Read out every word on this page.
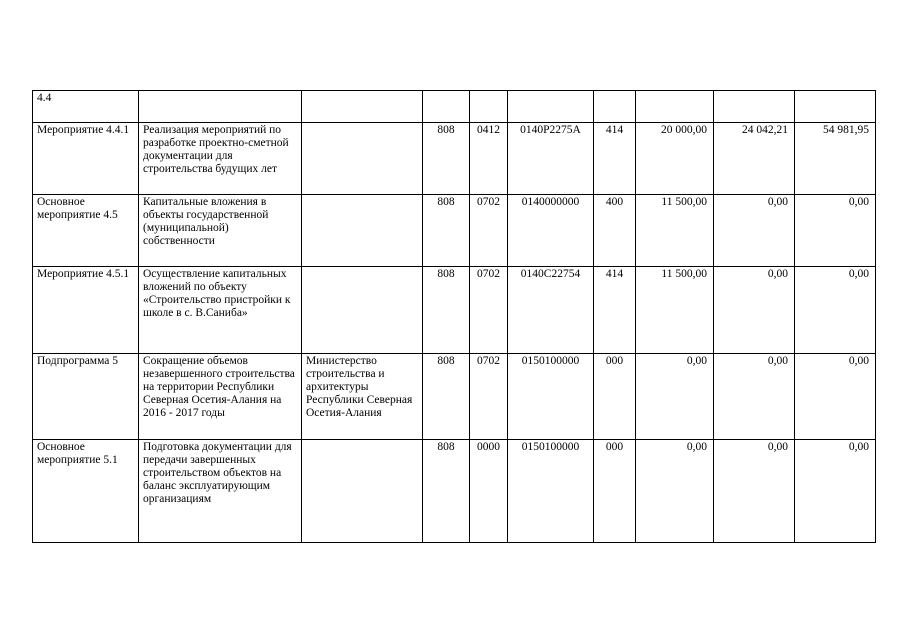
4.4									
Мероприятие 4.4.1	Реализация мероприятий по разработке проектно-сметной документации для строительства будущих лет		808	0412	0140Р2275А	414	20 000,00	24 042,21	54 981,95
Основное мероприятие 4.5	Капитальные вложения в объекты государственной (муниципальной) собственности		808	0702	0140000000	400	11 500,00	0,00	0,00
Мероприятие 4.5.1	Осуществление капитальных вложений по объекту «Строительство пристройки к школе в с. В.Саниба»		808	0702	0140С22754	414	11 500,00	0,00	0,00
Подпрограмма 5	Сокращение объемов незавершенного строительства на территории Республики Северная Осетия-Алания на 2016 - 2017 годы	Министерство строительства и архитектуры Республики Северная Осетия-Алания	808	0702	0150100000	000	0,00	0,00	0,00
Основное мероприятие 5.1	Подготовка документации для передачи завершенных строительством объектов на баланс эксплуатирующим организациям		808	0000	0150100000	000	0,00	0,00	0,00
